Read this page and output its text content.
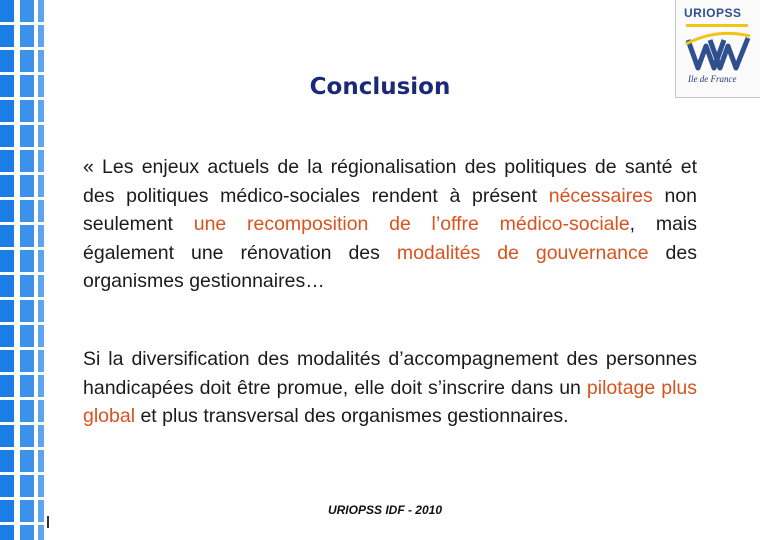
URIOPSS
Ile de France
Conclusion
« Les enjeux actuels de la régionalisation des politiques de santé et des politiques médico-sociales rendent à présent nécessaires non seulement une recomposition de l’offre médico-sociale, mais également une rénovation des modalités de gouvernance des organismes gestionnaires…
Si la diversification des modalités d’accompagnement des personnes handicapées doit être promue, elle doit s’inscrire dans un pilotage plus global et plus transversal des organismes gestionnaires.
URIOPSS IDF - 2010
